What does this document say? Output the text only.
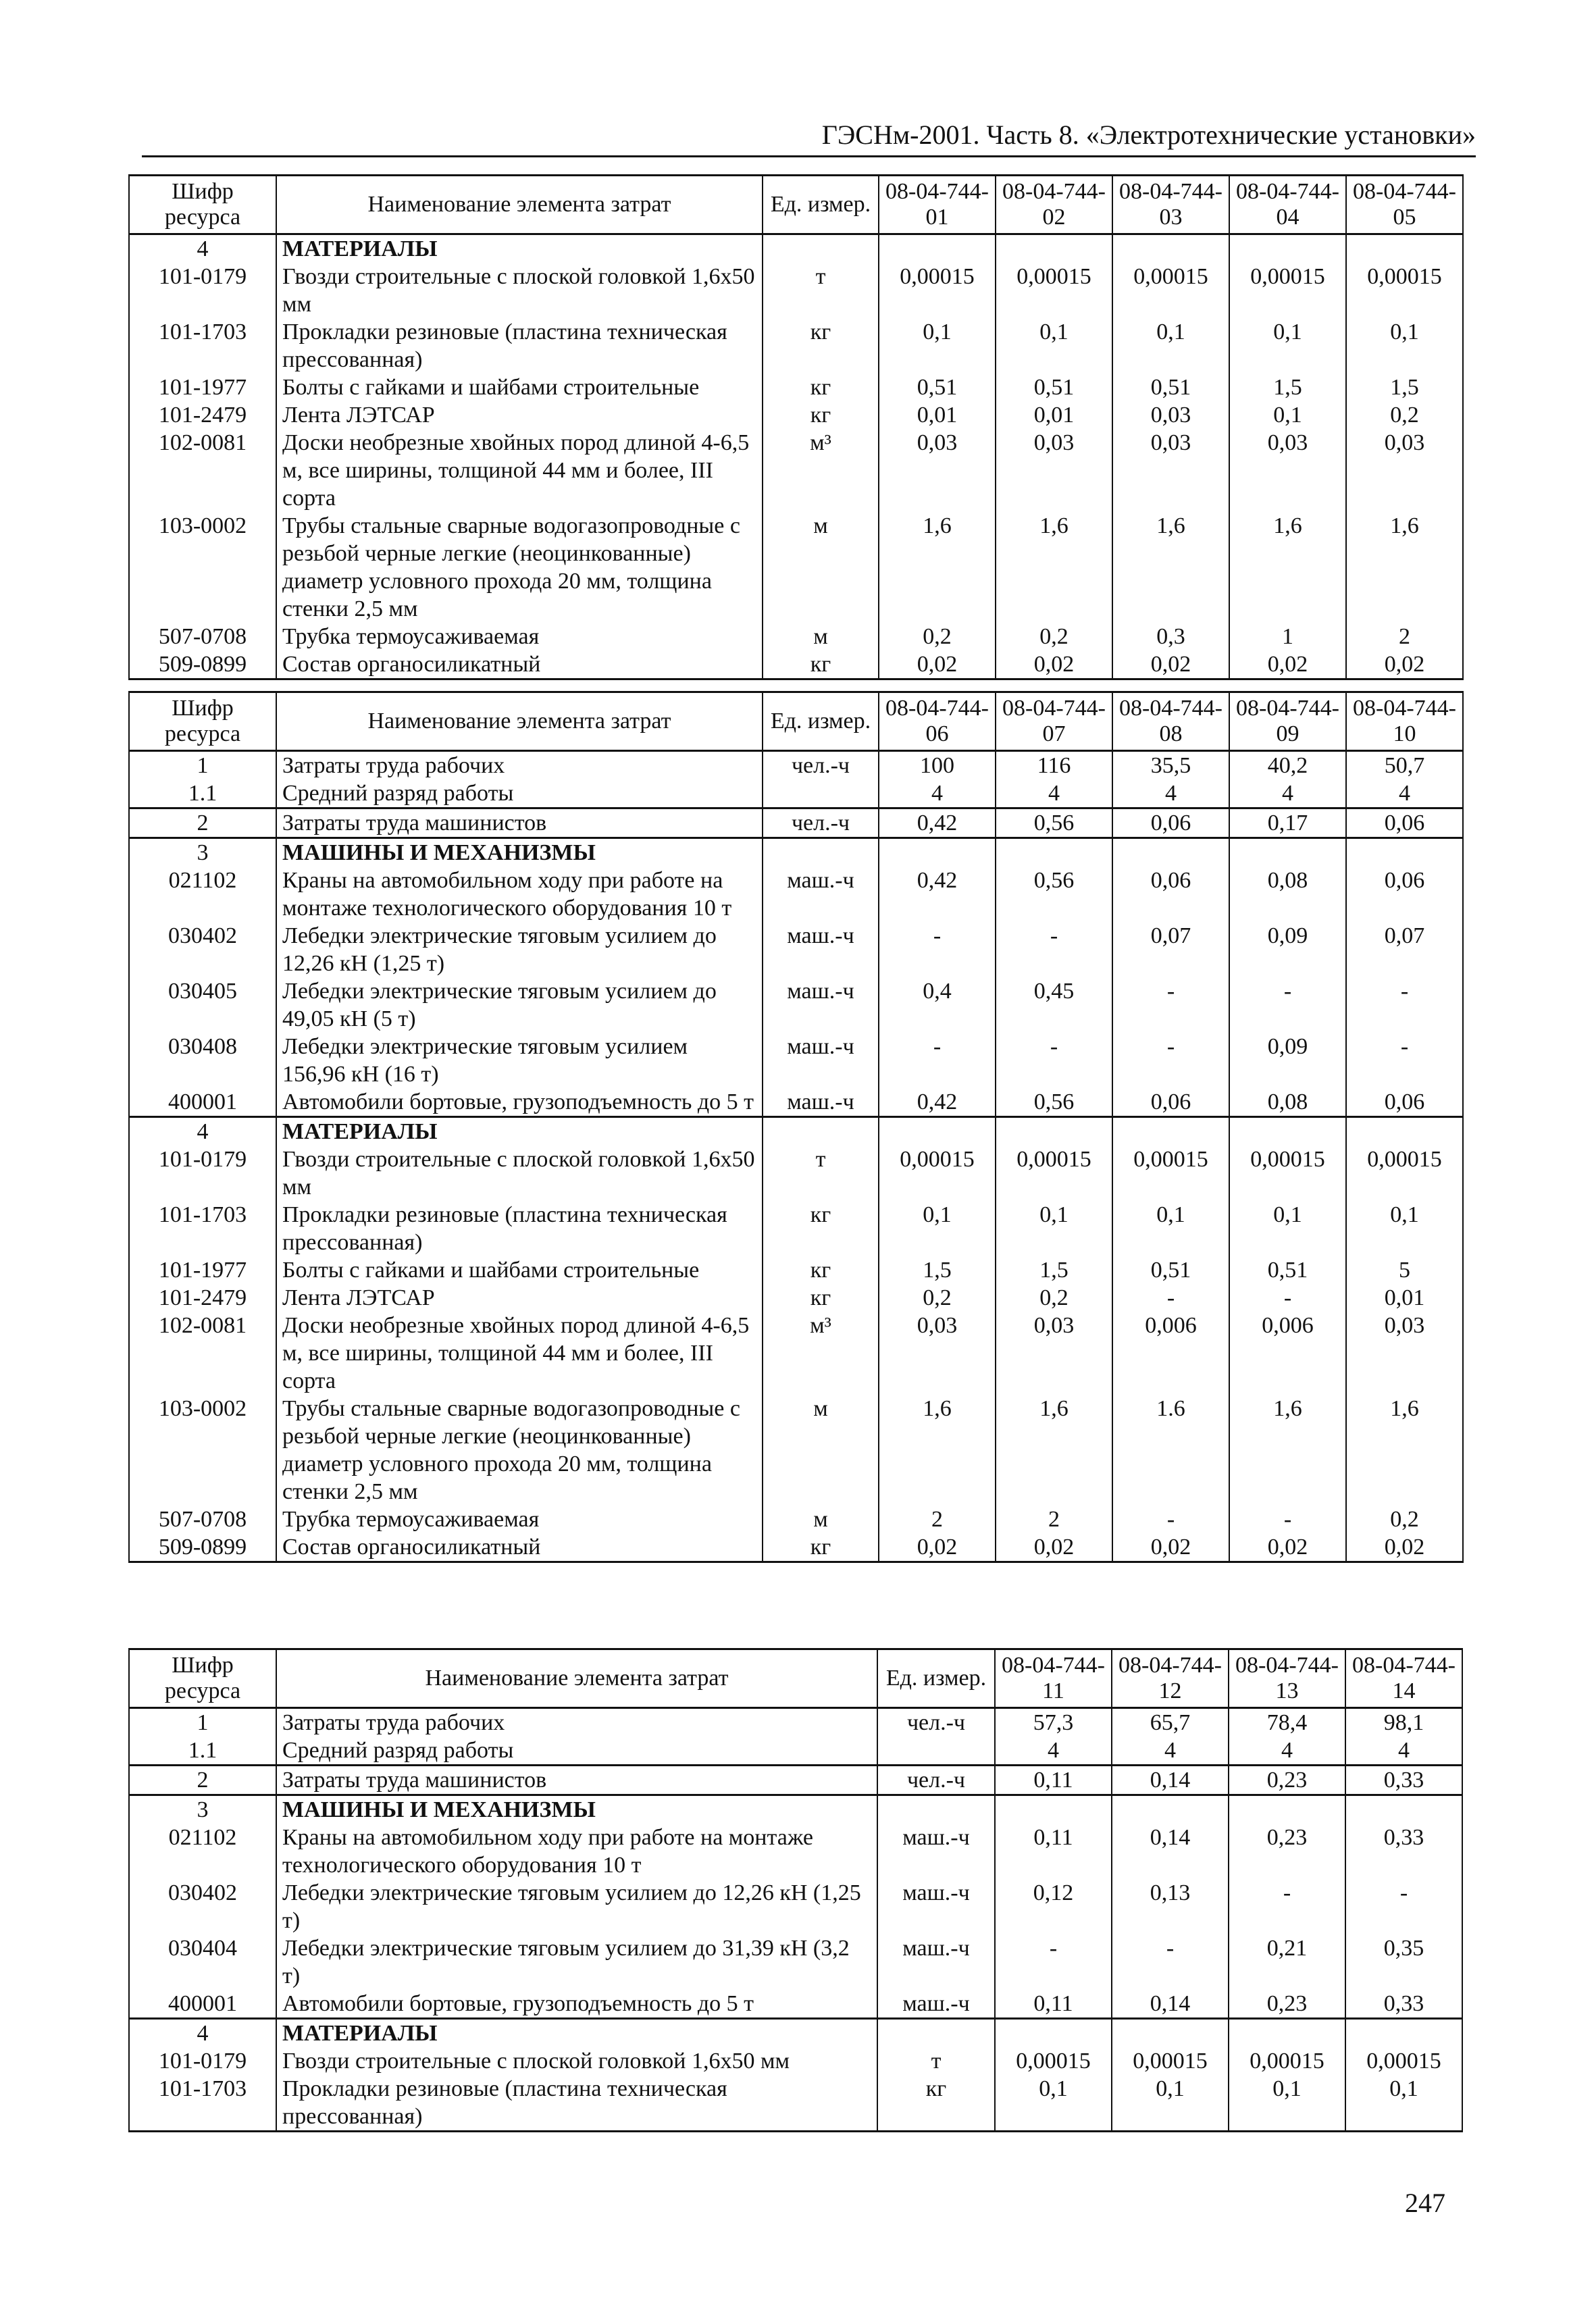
ГЭСНм-2001. Часть 8. «Электротехнические установки»
Шифр ресурса	Наименование элемента затрат	Ед. измер.	08-04-744-01	08-04-744-02	08-04-744-03	08-04-744-04	08-04-744-05
4	МАТЕРИАЛЫ						
101-0179	Гвозди строительные с плоской головкой 1,6х50 мм	т	0,00015	0,00015	0,00015	0,00015	0,00015
101-1703	Прокладки резиновые (пластина техническая прессованная)	кг	0,1	0,1	0,1	0,1	0,1
101-1977	Болты с гайками и шайбами строительные	кг	0,51	0,51	0,51	1,5	1,5
101-2479	Лента ЛЭТСАР	кг	0,01	0,01	0,03	0,1	0,2
102-0081	Доски необрезные хвойных пород длиной 4-6,5 м, все ширины, толщиной 44 мм и более, III сорта	м³	0,03	0,03	0,03	0,03	0,03
103-0002	Трубы стальные сварные водогазопроводные с резьбой черные легкие (неоцинкованные) диаметр условного прохода 20 мм, толщина стенки 2,5 мм	м	1,6	1,6	1,6	1,6	1,6
507-0708	Трубка термоусаживаемая	м	0,2	0,2	0,3	1	2
509-0899	Состав органосиликатный	кг	0,02	0,02	0,02	0,02	0,02
Шифр ресурса	Наименование элемента затрат	Ед. измер.	08-04-744-06	08-04-744-07	08-04-744-08	08-04-744-09	08-04-744-10
1	Затраты труда рабочих	чел.-ч	100	116	35,5	40,2	50,7
1.1	Средний разряд работы		4	4	4	4	4
2	Затраты труда машинистов	чел.-ч	0,42	0,56	0,06	0,17	0,06
3	МАШИНЫ И МЕХАНИЗМЫ						
021102	Краны на автомобильном ходу при работе на монтаже технологического оборудования 10 т	маш.-ч	0,42	0,56	0,06	0,08	0,06
030402	Лебедки электрические тяговым усилием до 12,26 кН (1,25 т)	маш.-ч	-	-	0,07	0,09	0,07
030405	Лебедки электрические тяговым усилием до 49,05 кН (5 т)	маш.-ч	0,4	0,45	-	-	-
030408	Лебедки электрические тяговым усилием 156,96 кН (16 т)	маш.-ч	-	-	-	0,09	-
400001	Автомобили бортовые, грузоподъемность до 5 т	маш.-ч	0,42	0,56	0,06	0,08	0,06
4	МАТЕРИАЛЫ						
101-0179	Гвозди строительные с плоской головкой 1,6х50 мм	т	0,00015	0,00015	0,00015	0,00015	0,00015
101-1703	Прокладки резиновые (пластина техническая прессованная)	кг	0,1	0,1	0,1	0,1	0,1
101-1977	Болты с гайками и шайбами строительные	кг	1,5	1,5	0,51	0,51	5
101-2479	Лента ЛЭТСАР	кг	0,2	0,2	-	-	0,01
102-0081	Доски необрезные хвойных пород длиной 4-6,5 м, все ширины, толщиной 44 мм и более, III сорта	м³	0,03	0,03	0,006	0,006	0,03
103-0002	Трубы стальные сварные водогазопроводные с резьбой черные легкие (неоцинкованные) диаметр условного прохода 20 мм, толщина стенки 2,5 мм	м	1,6	1,6	1.6	1,6	1,6
507-0708	Трубка термоусаживаемая	м	2	2	-	-	0,2
509-0899	Состав органосиликатный	кг	0,02	0,02	0,02	0,02	0,02
Шифр ресурса	Наименование элемента затрат	Ед. измер.	08-04-744-11	08-04-744-12	08-04-744-13	08-04-744-14
1	Затраты труда рабочих	чел.-ч	57,3	65,7	78,4	98,1
1.1	Средний разряд работы		4	4	4	4
2	Затраты труда машинистов	чел.-ч	0,11	0,14	0,23	0,33
3	МАШИНЫ И МЕХАНИЗМЫ					
021102	Краны на автомобильном ходу при работе на монтаже технологического оборудования 10 т	маш.-ч	0,11	0,14	0,23	0,33
030402	Лебедки электрические тяговым усилием до 12,26 кН (1,25 т)	маш.-ч	0,12	0,13	-	-
030404	Лебедки электрические тяговым усилием до 31,39 кН (3,2 т)	маш.-ч	-	-	0,21	0,35
400001	Автомобили бортовые, грузоподъемность до 5 т	маш.-ч	0,11	0,14	0,23	0,33
4	МАТЕРИАЛЫ					
101-0179	Гвозди строительные с плоской головкой 1,6х50 мм	т	0,00015	0,00015	0,00015	0,00015
101-1703	Прокладки резиновые (пластина техническая прессованная)	кг	0,1	0,1	0,1	0,1
247
